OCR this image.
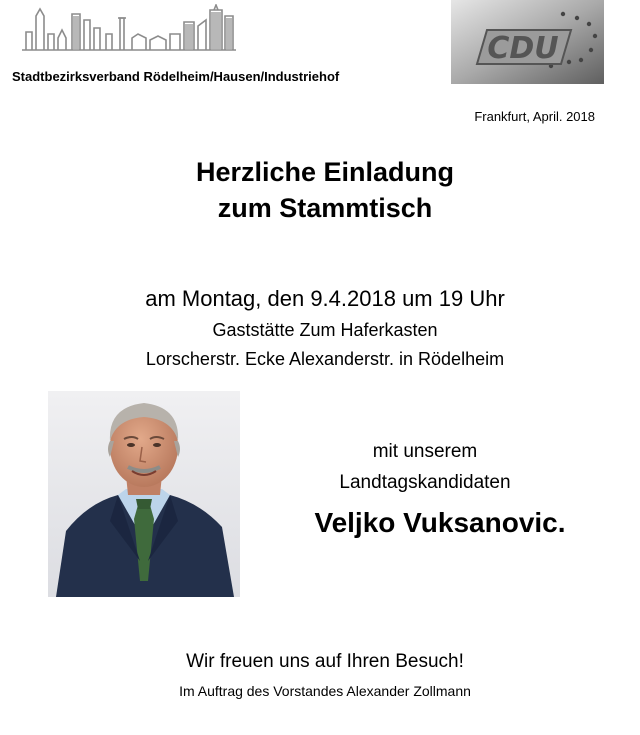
CDU
Stadtbezirksverband Rödelheim/Hausen/Industriehof
Frankfurt, April. 2018
Herzliche Einladung
zum Stammtisch
am Montag, den 9.4.2018 um 19 Uhr
Gaststätte Zum Haferkasten
Lorscherstr. Ecke Alexanderstr. in Rödelheim
mit unserem
Landtagskandidaten
Veljko Vuksanovic.
Wir freuen uns auf Ihren Besuch!
Im Auftrag des Vorstandes Alexander Zollmann
